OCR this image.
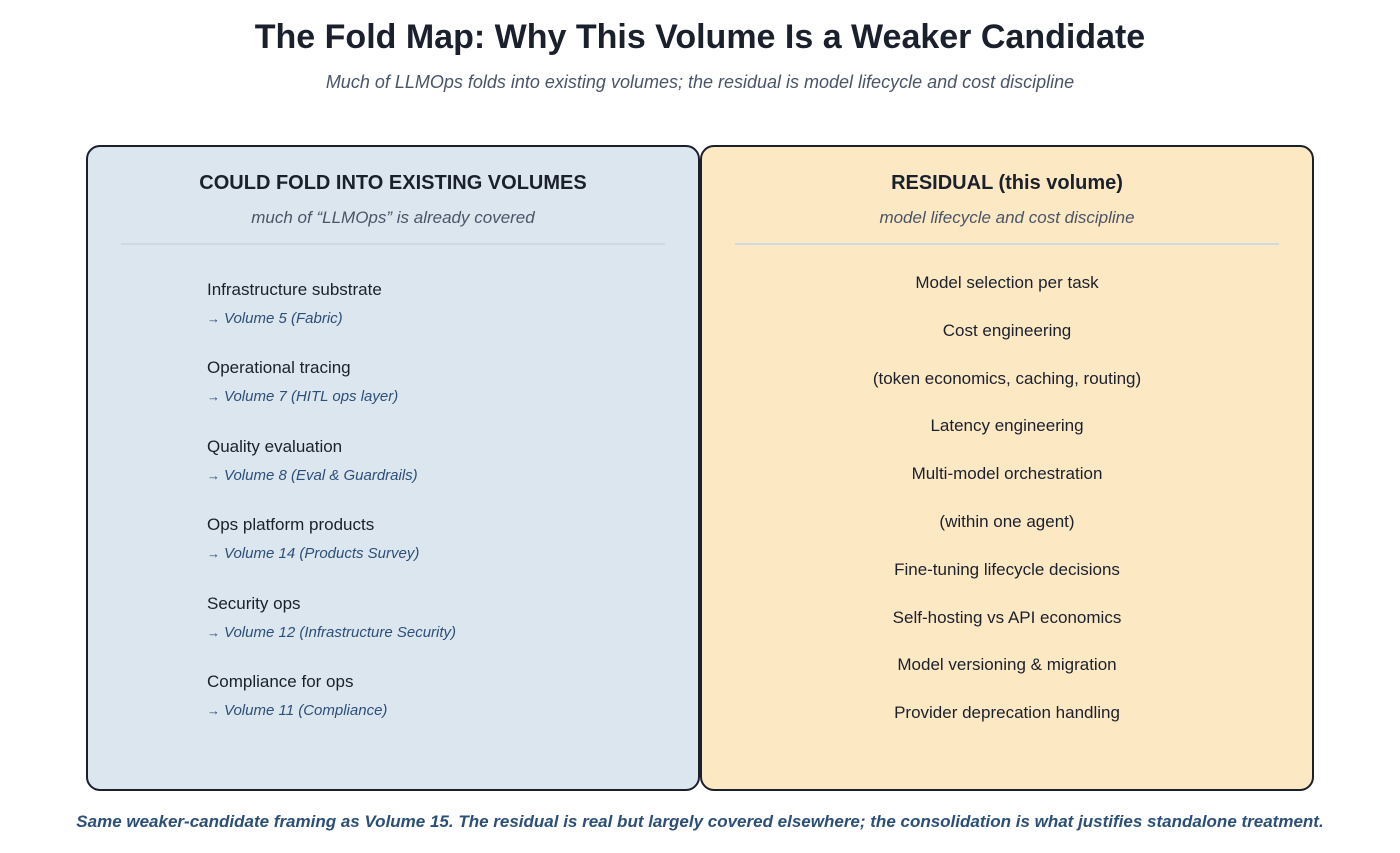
The Fold Map: Why This Volume Is a Weaker Candidate
Much of LLMOps folds into existing volumes; the residual is model lifecycle and cost discipline
COULD FOLD INTO EXISTING VOLUMES
much of “LLMOps” is already covered
Infrastructure substrate
→ Volume 5 (Fabric)
Operational tracing
→ Volume 7 (HITL ops layer)
Quality evaluation
→ Volume 8 (Eval & Guardrails)
Ops platform products
→ Volume 14 (Products Survey)
Security ops
→ Volume 12 (Infrastructure Security)
Compliance for ops
→ Volume 11 (Compliance)
RESIDUAL (this volume)
model lifecycle and cost discipline
Model selection per task
Cost engineering
(token economics, caching, routing)
Latency engineering
Multi-model orchestration
(within one agent)
Fine-tuning lifecycle decisions
Self-hosting vs API economics
Model versioning & migration
Provider deprecation handling
Same weaker-candidate framing as Volume 15. The residual is real but largely covered elsewhere; the consolidation is what justifies standalone treatment.
